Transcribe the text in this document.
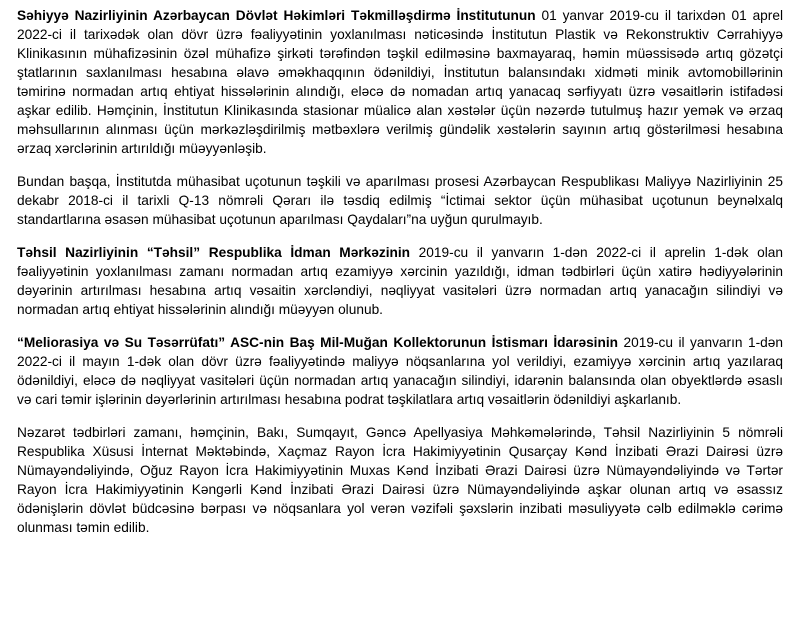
Səhiyyə Nazirliyinin Azərbaycan Dövlət Həkimləri Təkmilləşdirmə İnstitutunun 01 yanvar 2019-cu il tarixdən 01 aprel 2022-ci il tarixədək olan dövr üzrə fəaliyyətinin yoxlanılması nəticəsində İnstitutun Plastik və Rekonstruktiv Cərrahiyyə Klinikasının mühafizəsinin özəl mühafizə şirkəti tərəfindən təşkil edilməsinə baxmayaraq, həmin müəssisədə artıq gözətçi ştatlarının saxlanılması hesabına əlavə əməkhaqqının ödənildiyi, İnstitutun balansındakı xidməti minik avtomobillərinin təmirinə normadan artıq ehtiyat hissələrinin alındığı, eləcə də nomadan artıq yanacaq sərfiyyatı üzrə vəsaitlərin istifadəsi aşkar edilib. Həmçinin, İnstitutun Klinikasında stasionar müalicə alan xəstələr üçün nəzərdə tutulmuş hazır yemək və ərzaq məhsullarının alınması üçün mərkəzləşdirilmiş mətbəxlərə verilmiş gündəlik xəstələrin sayının artıq göstərilməsi hesabına ərzaq xərclərinin artırıldığı müəyyənləşib.

Bundan başqa, İnstitutda mühasibat uçotunun təşkili və aparılması prosesi Azərbaycan Respublikası Maliyyə Nazirliyinin 25 dekabr 2018-ci il tarixli Q-13 nömrəli Qərarı ilə təsdiq edilmiş “İctimai sektor üçün mühasibat uçotunun beynəlxalq standartlarına əsasən mühasibat uçotunun aparılması Qaydaları”na uyğun qurulmayıb.

Təhsil Nazirliyinin “Təhsil” Respublika İdman Mərkəzinin 2019-cu il yanvarın 1-dən 2022-ci il aprelin 1-dək olan fəaliyyətinin yoxlanılması zamanı normadan artıq ezamiyyə xərcinin yazıldığı, idman tədbirləri üçün xatirə hədiyyələrinin dəyərinin artırılması hesabına artıq vəsaitin xərcləndiyi, nəqliyyat vasitələri üzrə normadan artıq yanacağın silindiyi və normadan artıq ehtiyat hissələrinin alındığı müəyyən olunub.

“Meliorasiya və Su Təsərrüfatı” ASC-nin Baş Mil-Muğan Kollektorunun İstismarı İdarəsinin 2019-cu il yanvarın 1-dən 2022-ci il mayın 1-dək olan dövr üzrə fəaliyyətində maliyyə nöqsanlarına yol verildiyi, ezamiyyə xərcinin artıq yazılaraq ödənildiyi, eləcə də nəqliyyat vasitələri üçün normadan artıq yanacağın silindiyi, idarənin balansında olan obyektlərdə əsaslı və cari təmir işlərinin dəyərlərinin artırılması hesabına podrat təşkilatlara artıq vəsaitlərin ödənildiyi aşkarlanıb.

Nəzarət tədbirləri zamanı, həmçinin, Bakı, Sumqayıt, Gəncə Apellyasiya Məhkəmələrində, Təhsil Nazirliyinin 5 nömrəli Respublika Xüsusi İnternat Məktəbində, Xaçmaz Rayon İcra Hakimiyyətinin Qusarçay Kənd İnzibati Ərazi Dairəsi üzrə Nümayəndəliyində, Oğuz Rayon İcra Hakimiyyətinin Muxas Kənd İnzibati Ərazi Dairəsi üzrə Nümayəndəliyində və Tərtər Rayon İcra Hakimiyyətinin Kəngərli Kənd İnzibati Ərazi Dairəsi üzrə Nümayəndəliyində aşkar olunan artıq və əsassız ödənişlərin dövlət büdcəsinə bərpası və nöqsanlara yol verən vəzifəli şəxslərin inzibati məsuliyyətə cəlb edilməklə cərimə olunması təmin edilib.
